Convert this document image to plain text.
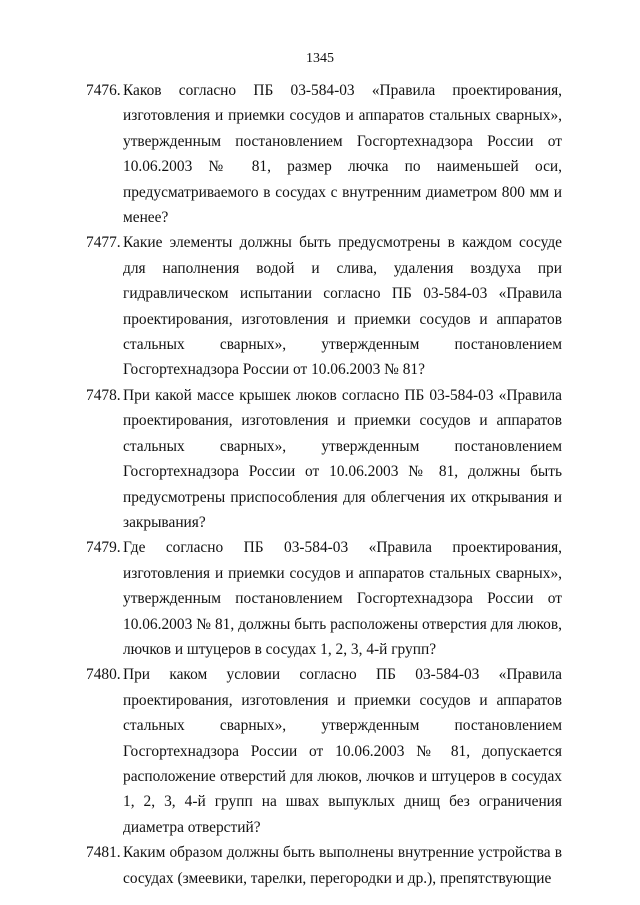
1345
7476. Каков согласно ПБ 03-584-03 «Правила проектирования, изготовления и приемки сосудов и аппаратов стальных сварных», утвержденным постановлением Госгортехнадзора России от 10.06.2003 № 81, размер лючка по наименьшей оси, предусматриваемого в сосудах с внутренним диаметром 800 мм и менее?

7477. Какие элементы должны быть предусмотрены в каждом сосуде для наполнения водой и слива, удаления воздуха при гидравлическом испытании согласно ПБ 03-584-03 «Правила проектирования, изготовления и приемки сосудов и аппаратов стальных сварных», утвержденным постановлением Госгортехнадзора России от 10.06.2003 № 81?

7478. При какой массе крышек люков согласно ПБ 03-584-03 «Правила проектирования, изготовления и приемки сосудов и аппаратов стальных сварных», утвержденным постановлением Госгортехнадзора России от 10.06.2003 № 81, должны быть предусмотрены приспособления для облегчения их открывания и закрывания?

7479. Где согласно ПБ 03-584-03 «Правила проектирования, изготовления и приемки сосудов и аппаратов стальных сварных», утвержденным постановлением Госгортехнадзора России от 10.06.2003 № 81, должны быть расположены отверстия для люков, лючков и штуцеров в сосудах 1, 2, 3, 4-й групп?

7480. При каком условии согласно ПБ 03-584-03 «Правила проектирования, изготовления и приемки сосудов и аппаратов стальных сварных», утвержденным постановлением Госгортехнадзора России от 10.06.2003 № 81, допускается расположение отверстий для люков, лючков и штуцеров в сосудах 1, 2, 3, 4-й групп на швах выпуклых днищ без ограничения диаметра отверстий?

7481. Каким образом должны быть выполнены внутренние устройства в сосудах (змеевики, тарелки, перегородки и др.), препятствующие
